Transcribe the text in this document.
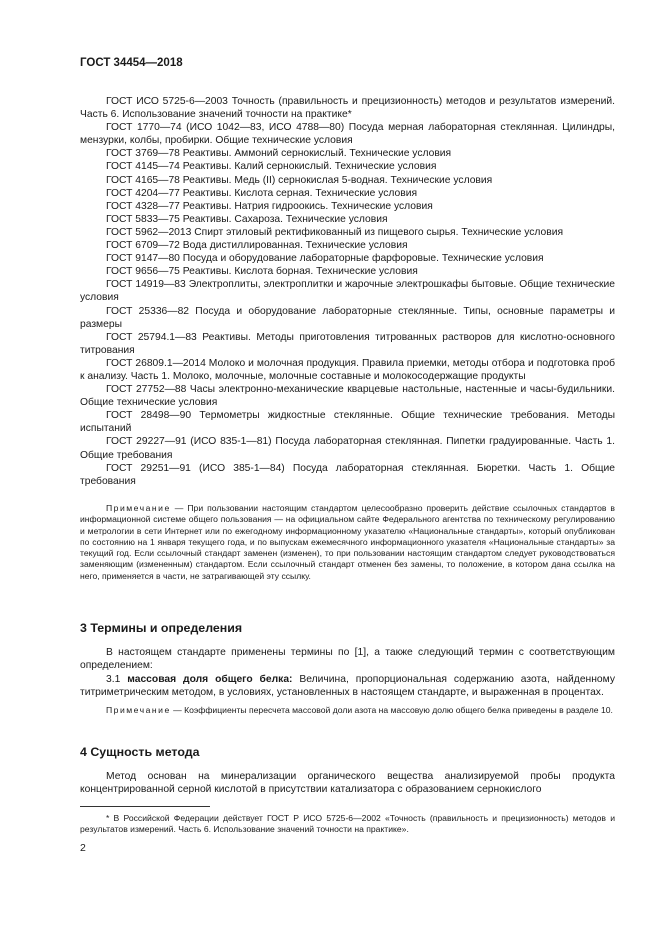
ГОСТ 34454—2018
ГОСТ ИСО 5725-6—2003 Точность (правильность и прецизионность) методов и результатов измерений. Часть 6. Использование значений точности на практике*
ГОСТ 1770—74 (ИСО 1042—83, ИСО 4788—80) Посуда мерная лабораторная стеклянная. Цилиндры, мензурки, колбы, пробирки. Общие технические условия
ГОСТ 3769—78 Реактивы. Аммоний сернокислый. Технические условия
ГОСТ 4145—74 Реактивы. Калий сернокислый. Технические условия
ГОСТ 4165—78 Реактивы. Медь (II) сернокислая 5-водная. Технические условия
ГОСТ 4204—77 Реактивы. Кислота серная. Технические условия
ГОСТ 4328—77 Реактивы. Натрия гидроокись. Технические условия
ГОСТ 5833—75 Реактивы. Сахароза. Технические условия
ГОСТ 5962—2013 Спирт этиловый ректификованный из пищевого сырья. Технические условия
ГОСТ 6709—72 Вода дистиллированная. Технические условия
ГОСТ 9147—80 Посуда и оборудование лабораторные фарфоровые. Технические условия
ГОСТ 9656—75 Реактивы. Кислота борная. Технические условия
ГОСТ 14919—83 Электроплиты, электроплитки и жарочные электрошкафы бытовые. Общие технические условия
ГОСТ 25336—82 Посуда и оборудование лабораторные стеклянные. Типы, основные параметры и размеры
ГОСТ 25794.1—83 Реактивы. Методы приготовления титрованных растворов для кислотно-основного титрования
ГОСТ 26809.1—2014 Молоко и молочная продукция. Правила приемки, методы отбора и подготовка проб к анализу. Часть 1. Молоко, молочные, молочные составные и молокосодержащие продукты
ГОСТ 27752—88 Часы электронно-механические кварцевые настольные, настенные и часы-будильники. Общие технические условия
ГОСТ 28498—90 Термометры жидкостные стеклянные. Общие технические требования. Методы испытаний
ГОСТ 29227—91 (ИСО 835-1—81) Посуда лабораторная стеклянная. Пипетки градуированные. Часть 1. Общие требования
ГОСТ 29251—91 (ИСО 385-1—84) Посуда лабораторная стеклянная. Бюретки. Часть 1. Общие требования
Примечание — При пользовании настоящим стандартом целесообразно проверить действие ссылочных стандартов в информационной системе общего пользования — на официальном сайте Федерального агентства по техническому регулированию и метрологии в сети Интернет или по ежегодному информационному указателю «Национальные стандарты», который опубликован по состоянию на 1 января текущего года, и по выпускам ежемесячного информационного указателя «Национальные стандарты» за текущий год. Если ссылочный стандарт заменен (изменен), то при пользовании настоящим стандартом следует руководствоваться заменяющим (измененным) стандартом. Если ссылочный стандарт отменен без замены, то положение, в котором дана ссылка на него, применяется в части, не затрагивающей эту ссылку.
3 Термины и определения
В настоящем стандарте применены термины по [1], а также следующий термин с соответствующим определением:
3.1 массовая доля общего белка: Величина, пропорциональная содержанию азота, найденному титриметрическим методом, в условиях, установленных в настоящем стандарте, и выраженная в процентах.
Примечание — Коэффициенты пересчета массовой доли азота на массовую долю общего белка приведены в разделе 10.
4 Сущность метода
Метод основан на минерализации органического вещества анализируемой пробы продукта концентрированной серной кислотой в присутствии катализатора с образованием сернокислого
* В Российской Федерации действует ГОСТ Р ИСО 5725-6—2002 «Точность (правильность и прецизионность) методов и результатов измерений. Часть 6. Использование значений точности на практике».
2
